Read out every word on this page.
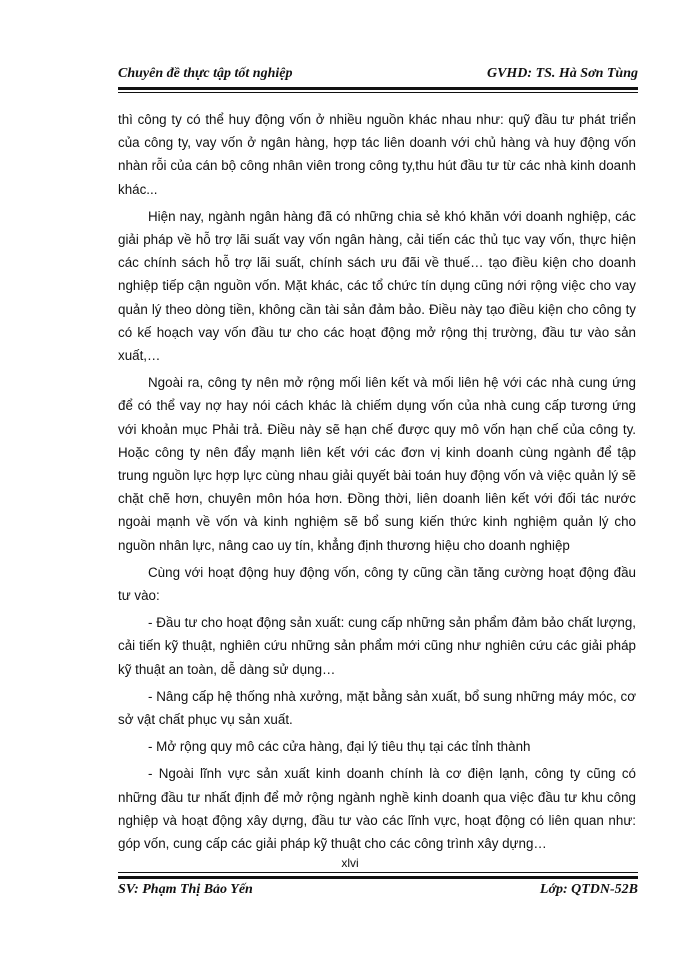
Chuyên đề thực tập tốt nghiệp	GVHD: TS. Hà Sơn Tùng

thì công ty có thể huy động vốn ở nhiều nguồn khác nhau như: quỹ đầu tư phát triển của công ty, vay vốn ở ngân hàng, hợp tác liên doanh với chủ hàng và huy động vốn nhàn rỗi của cán bộ công nhân viên trong công ty,thu hút đầu tư từ các nhà kinh doanh khác...

Hiện nay, ngành ngân hàng đã có những chia sẻ khó khăn với doanh nghiệp, các giải pháp về hỗ trợ lãi suất vay vốn ngân hàng, cải tiến các thủ tục vay vốn, thực hiện các chính sách hỗ trợ lãi suất, chính sách ưu đãi về thuế… tạo điều kiện cho doanh nghiệp tiếp cận nguồn vốn. Mặt khác, các tổ chức tín dụng cũng nới rộng việc cho vay quản lý theo dòng tiền, không cần tài sản đảm bảo. Điều này tạo điều kiện cho công ty có kế hoạch vay vốn đầu tư cho các hoạt động mở rộng thị trường, đầu tư vào sản xuất,…

Ngoài ra, công ty nên mở rộng mối liên kết và mối liên hệ với các nhà cung ứng để có thể vay nợ hay nói cách khác là chiếm dụng vốn của nhà cung cấp tương ứng với khoản mục Phải trả. Điều này sẽ hạn chế được quy mô vốn hạn chế của công ty. Hoặc công ty nên đẩy mạnh liên kết với các đơn vị kinh doanh cùng ngành để tập trung nguồn lực hợp lực cùng nhau giải quyết bài toán huy động vốn và việc quản lý sẽ chặt chẽ hơn, chuyên môn hóa hơn. Đồng thời, liên doanh liên kết với đối tác nước ngoài mạnh về vốn và kinh nghiệm sẽ bổ sung kiến thức kinh nghiệm quản lý cho nguồn nhân lực, nâng cao uy tín, khẳng định thương hiệu cho doanh nghiệp

Cùng với hoạt động huy động vốn, công ty cũng cần tăng cường hoạt động đầu tư vào:

- Đầu tư cho hoạt động sản xuất: cung cấp những sản phẩm đảm bảo chất lượng, cải tiến kỹ thuật, nghiên cứu những sản phẩm mới cũng như nghiên cứu các giải pháp kỹ thuật an toàn, dễ dàng sử dụng…

- Nâng cấp hệ thống nhà xưởng, mặt bằng sản xuất, bổ sung những máy móc, cơ sở vật chất phục vụ sản xuất.

- Mở rộng quy mô các cửa hàng, đại lý tiêu thụ tại các tỉnh thành

- Ngoài lĩnh vực sản xuất kinh doanh chính là cơ điện lạnh, công ty cũng có những đầu tư nhất định để mở rộng ngành nghề kinh doanh qua việc đầu tư khu công nghiệp và hoạt động xây dựng, đầu tư vào các lĩnh vực, hoạt động có liên quan như: góp vốn, cung cấp các giải pháp kỹ thuật cho các công trình xây dựng…

xlvi
SV: Phạm Thị Bảo Yến	Lớp: QTDN-52B
